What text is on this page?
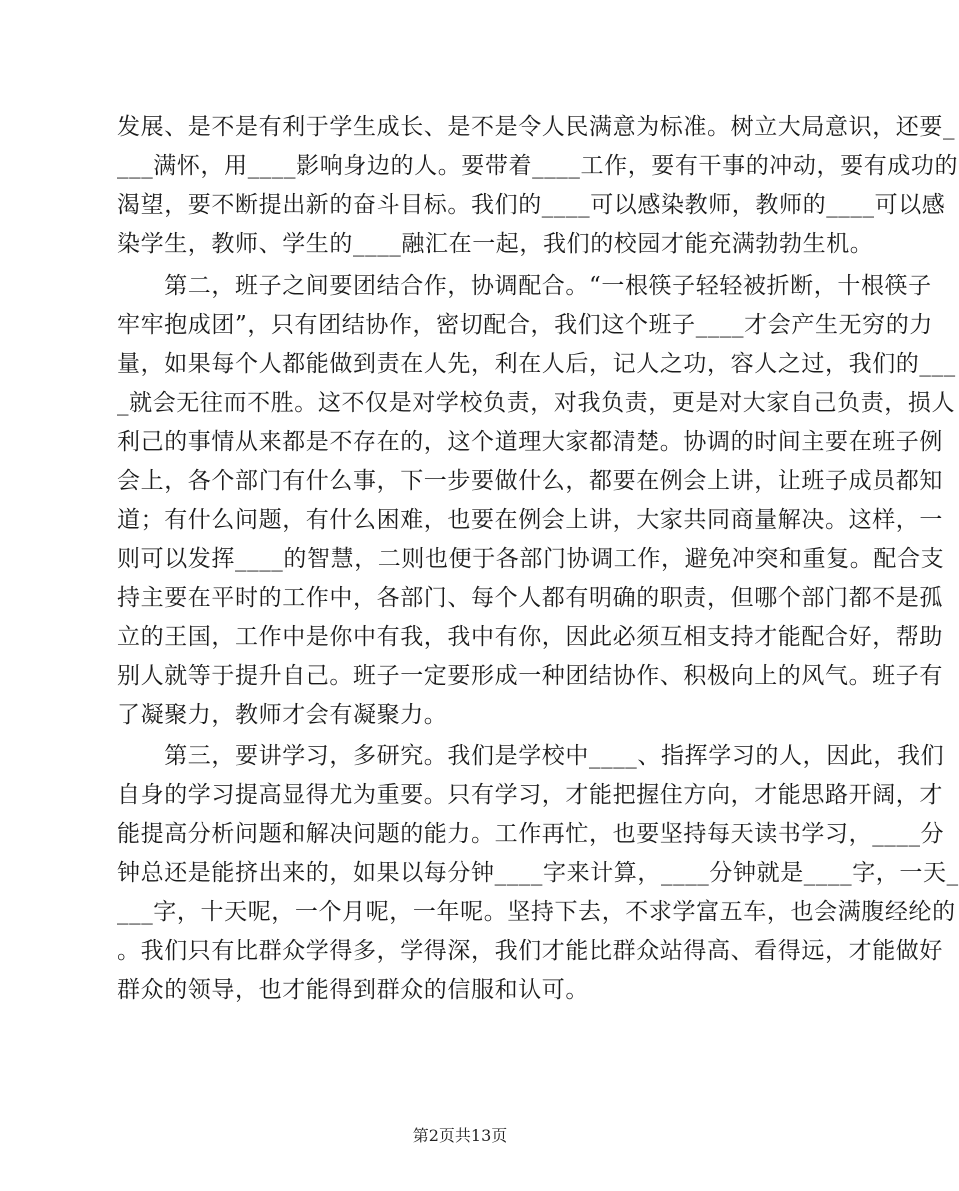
发展、是不是有利于学生成长、是不是令人民满意为标准。树立大局意识，还要_
___满怀，用____影响身边的人。要带着____工作，要有干事的冲动，要有成功的
渴望，要不断提出新的奋斗目标。我们的____可以感染教师，教师的____可以感
染学生，教师、学生的____融汇在一起，我们的校园才能充满勃勃生机。
　　第二，班子之间要团结合作，协调配合。“一根筷子轻轻被折断，十根筷子
牢牢抱成团”，只有团结协作，密切配合，我们这个班子____才会产生无穷的力
量，如果每个人都能做到责在人先，利在人后，记人之功，容人之过，我们的___
_就会无往而不胜。这不仅是对学校负责，对我负责，更是对大家自己负责，损人
利己的事情从来都是不存在的，这个道理大家都清楚。协调的时间主要在班子例
会上，各个部门有什么事，下一步要做什么，都要在例会上讲，让班子成员都知
道；有什么问题，有什么困难，也要在例会上讲，大家共同商量解决。这样，一
则可以发挥____的智慧，二则也便于各部门协调工作，避免冲突和重复。配合支
持主要在平时的工作中，各部门、每个人都有明确的职责，但哪个部门都不是孤
立的王国，工作中是你中有我，我中有你，因此必须互相支持才能配合好，帮助
别人就等于提升自己。班子一定要形成一种团结协作、积极向上的风气。班子有
了凝聚力，教师才会有凝聚力。
　　第三，要讲学习，多研究。我们是学校中____、指挥学习的人，因此，我们
自身的学习提高显得尤为重要。只有学习，才能把握住方向，才能思路开阔，才
能提高分析问题和解决问题的能力。工作再忙，也要坚持每天读书学习，____分
钟总还是能挤出来的，如果以每分钟____字来计算，____分钟就是____字，一天_
___字，十天呢，一个月呢，一年呢。坚持下去，不求学富五车，也会满腹经纶的
。我们只有比群众学得多，学得深，我们才能比群众站得高、看得远，才能做好
群众的领导，也才能得到群众的信服和认可。
第2页共13页
